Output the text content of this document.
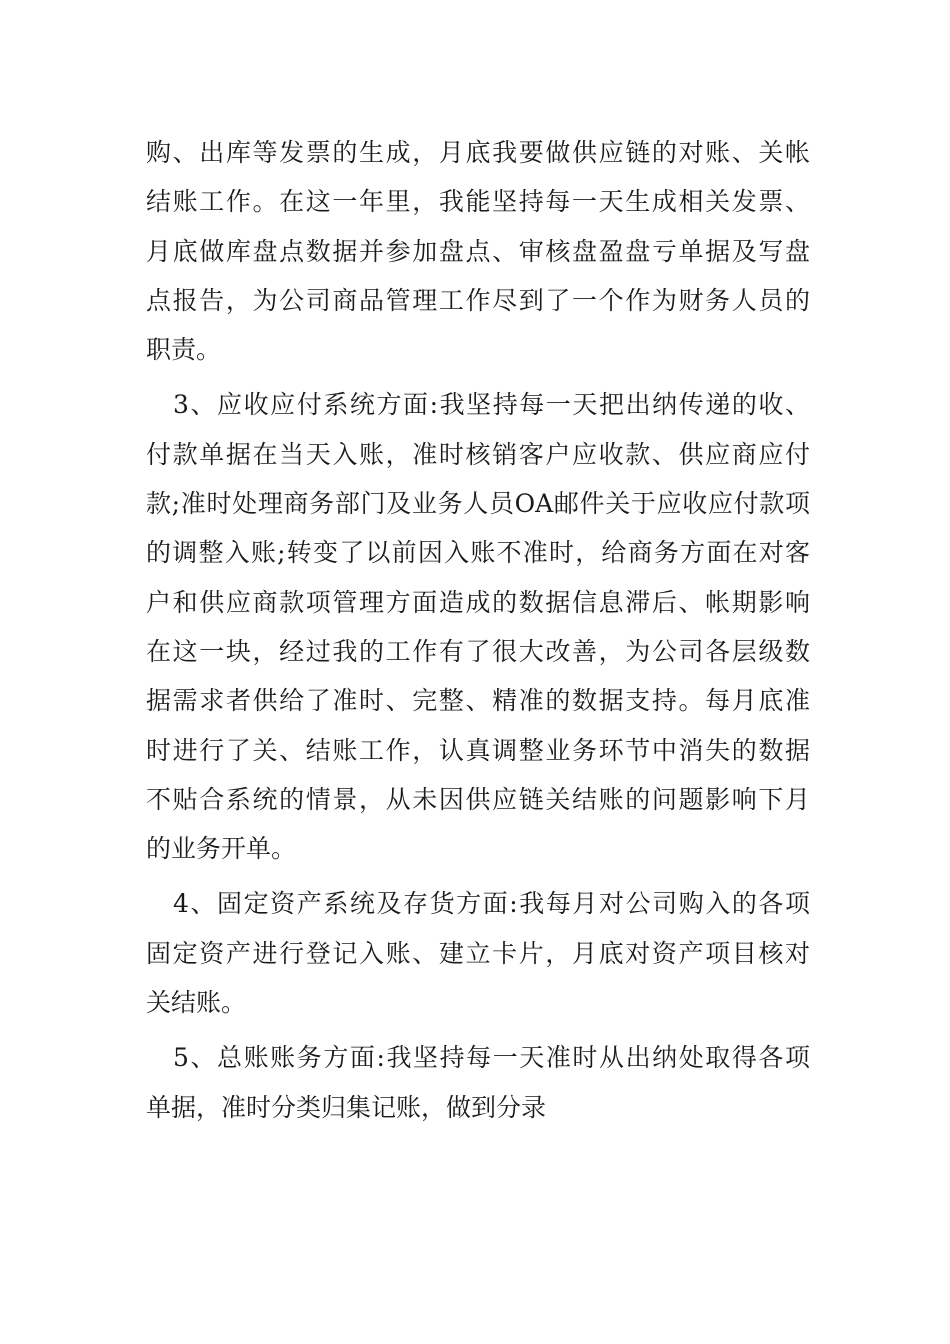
购、出库等发票的生成，月底我要做供应链的对账、关帐
结账工作。在这一年里，我能坚持每一天生成相关发票、
月底做库盘点数据并参加盘点、审核盘盈盘亏单据及写盘
点报告，为公司商品管理工作尽到了一个作为财务人员的
职责。
3、应收应付系统方面:我坚持每一天把出纳传递的收、
付款单据在当天入账，准时核销客户应收款、供应商应付
款;准时处理商务部门及业务人员OA邮件关于应收应付款项
的调整入账;转变了以前因入账不准时，给商务方面在对客
户和供应商款项管理方面造成的数据信息滞后、帐期影响
在这一块，经过我的工作有了很大改善，为公司各层级数
据需求者供给了准时、完整、精准的数据支持。每月底准
时进行了关、结账工作，认真调整业务环节中消失的数据
不贴合系统的情景，从未因供应链关结账的问题影响下月
的业务开单。
4、固定资产系统及存货方面:我每月对公司购入的各项
固定资产进行登记入账、建立卡片，月底对资产项目核对
关结账。
5、总账账务方面:我坚持每一天准时从出纳处取得各项
单据，准时分类归集记账，做到分录
